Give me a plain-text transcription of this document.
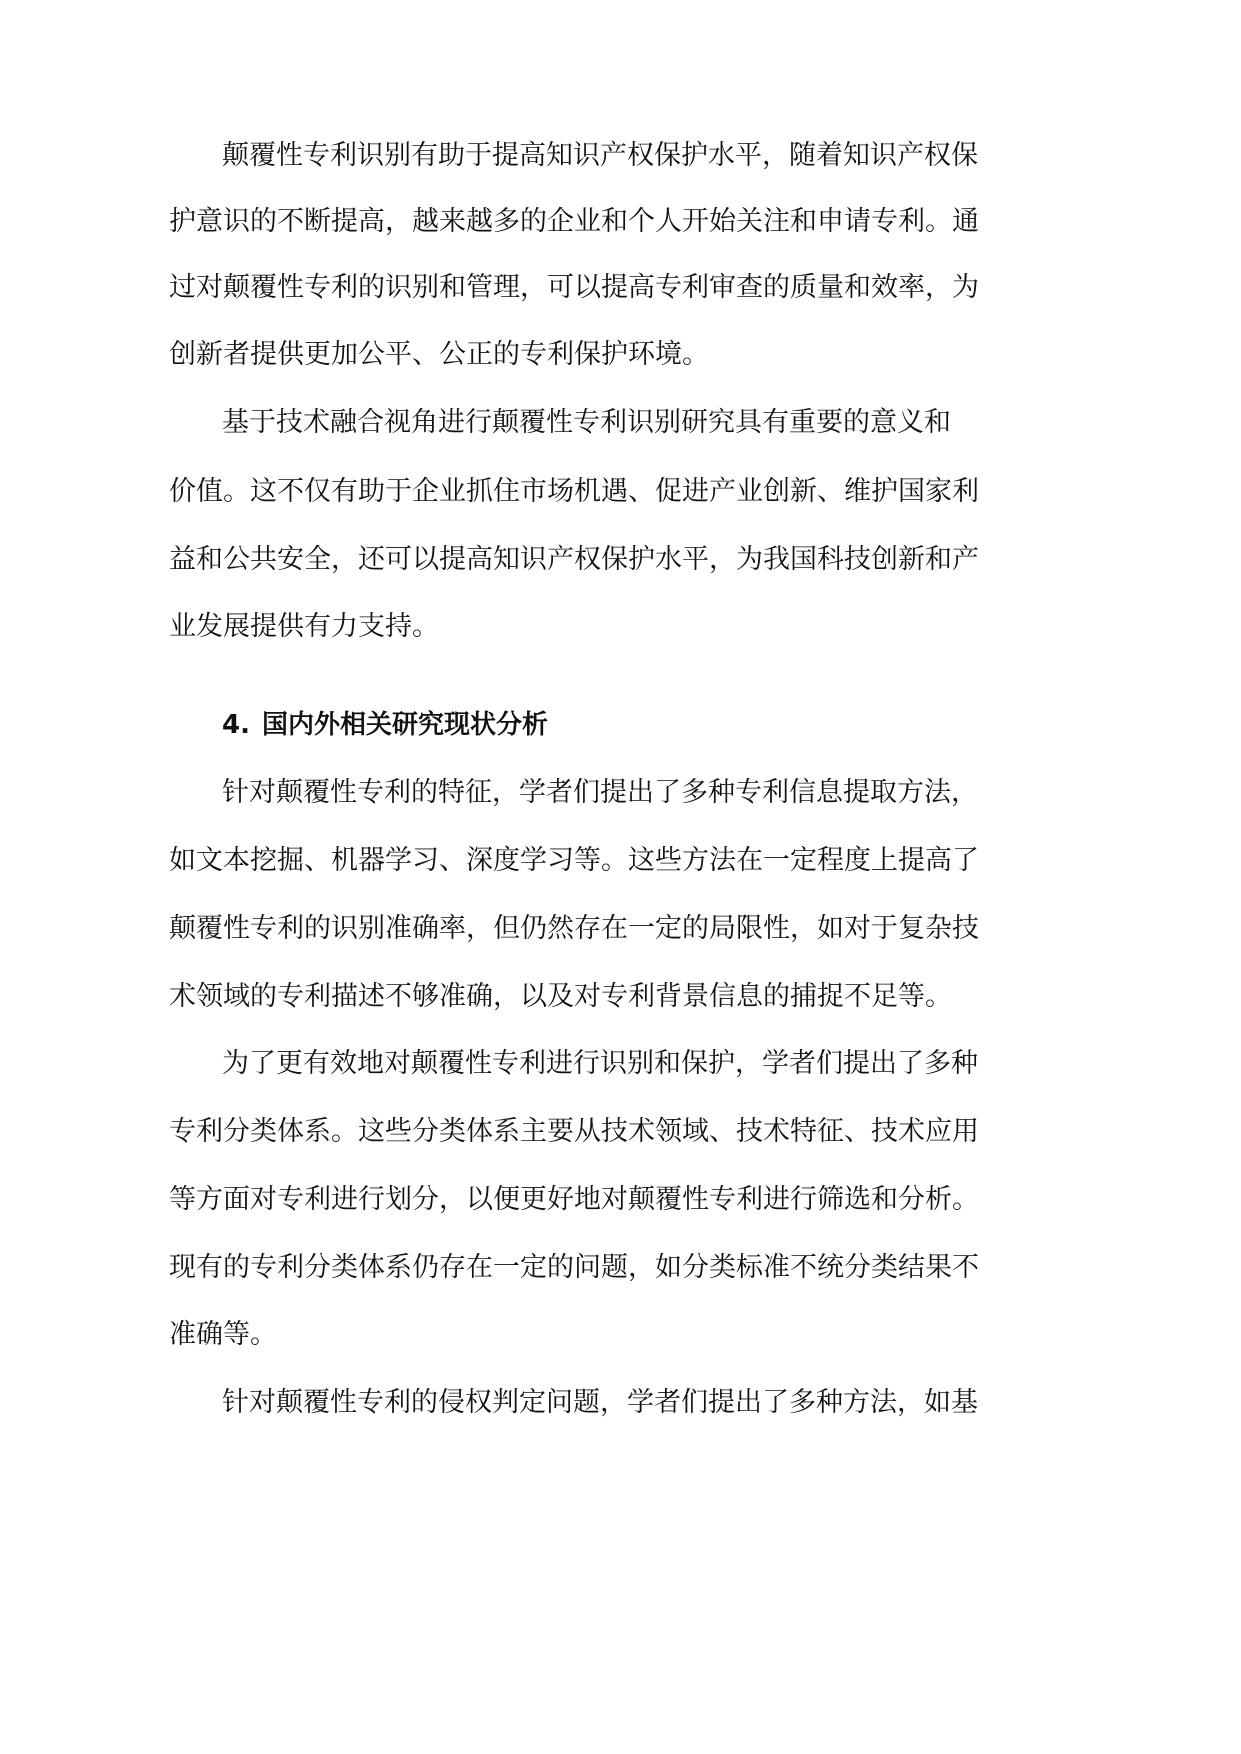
颠覆性专利识别有助于提高知识产权保护水平，随着知识产权保

护意识的不断提高，越来越多的企业和个人开始关注和申请专利。通

过对颠覆性专利的识别和管理，可以提高专利审查的质量和效率，为

创新者提供更加公平、公正的专利保护环境。

基于技术融合视角进行颠覆性专利识别研究具有重要的意义和

价值。这不仅有助于企业抓住市场机遇、促进产业创新、维护国家利

益和公共安全，还可以提高知识产权保护水平，为我国科技创新和产

业发展提供有力支持。

4. 国内外相关研究现状分析

针对颠覆性专利的特征，学者们提出了多种专利信息提取方法，

如文本挖掘、机器学习、深度学习等。这些方法在一定程度上提高了

颠覆性专利的识别准确率，但仍然存在一定的局限性，如对于复杂技

术领域的专利描述不够准确，以及对专利背景信息的捕捉不足等。

为了更有效地对颠覆性专利进行识别和保护，学者们提出了多种

专利分类体系。这些分类体系主要从技术领域、技术特征、技术应用

等方面对专利进行划分，以便更好地对颠覆性专利进行筛选和分析。

现有的专利分类体系仍存在一定的问题，如分类标准不统分类结果不

准确等。

针对颠覆性专利的侵权判定问题，学者们提出了多种方法，如基
